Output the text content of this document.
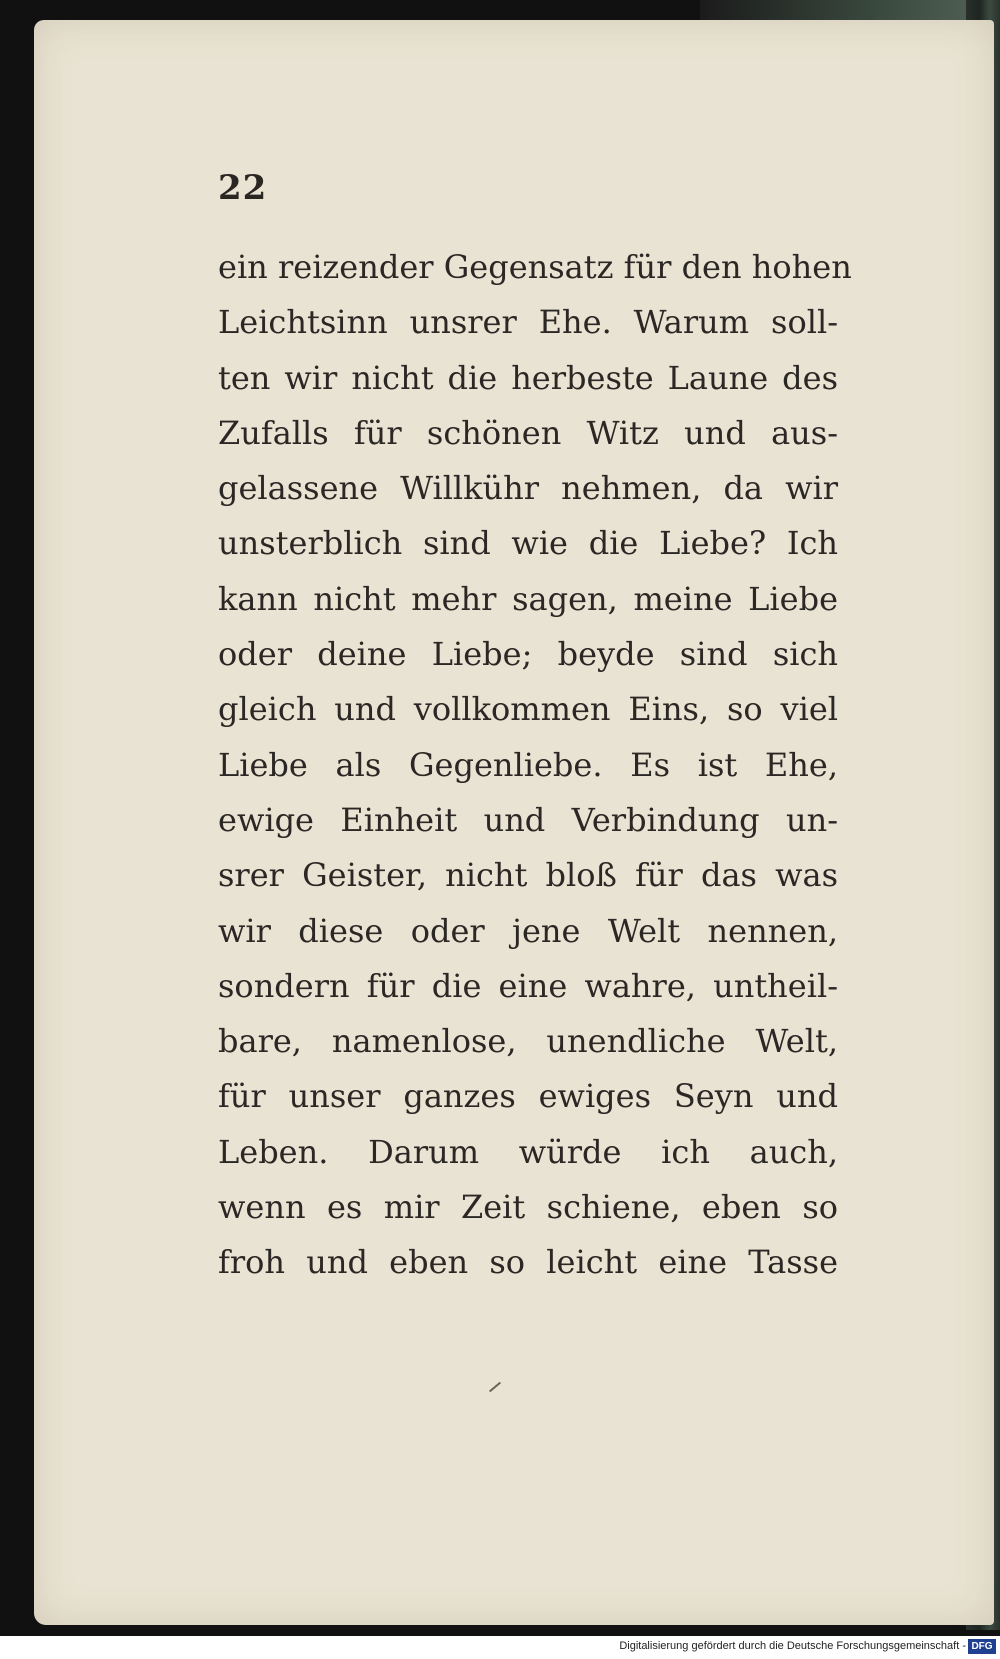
22
ein reizender Gegensatz für den hohen
Leichtsinn unsrer Ehe. Warum soll-
ten wir nicht die herbeste Laune des
Zufalls für schönen Witz und aus-
gelassene Willkühr nehmen, da wir
unsterblich sind wie die Liebe? Ich
kann nicht mehr sagen, meine Liebe
oder deine Liebe; beyde sind sich
gleich und vollkommen Eins, so viel
Liebe als Gegenliebe. Es ist Ehe,
ewige Einheit und Verbindung un-
srer Geister, nicht bloß für das was
wir diese oder jene Welt nennen,
sondern für die eine wahre, untheil-
bare, namenlose, unendliche Welt,
für unser ganzes ewiges Seyn und
Leben. Darum würde ich auch,
wenn es mir Zeit schiene, eben so
froh und eben so leicht eine Tasse
Digitalisierung gefördert durch die Deutsche Forschungsgemeinschaft - DFG
